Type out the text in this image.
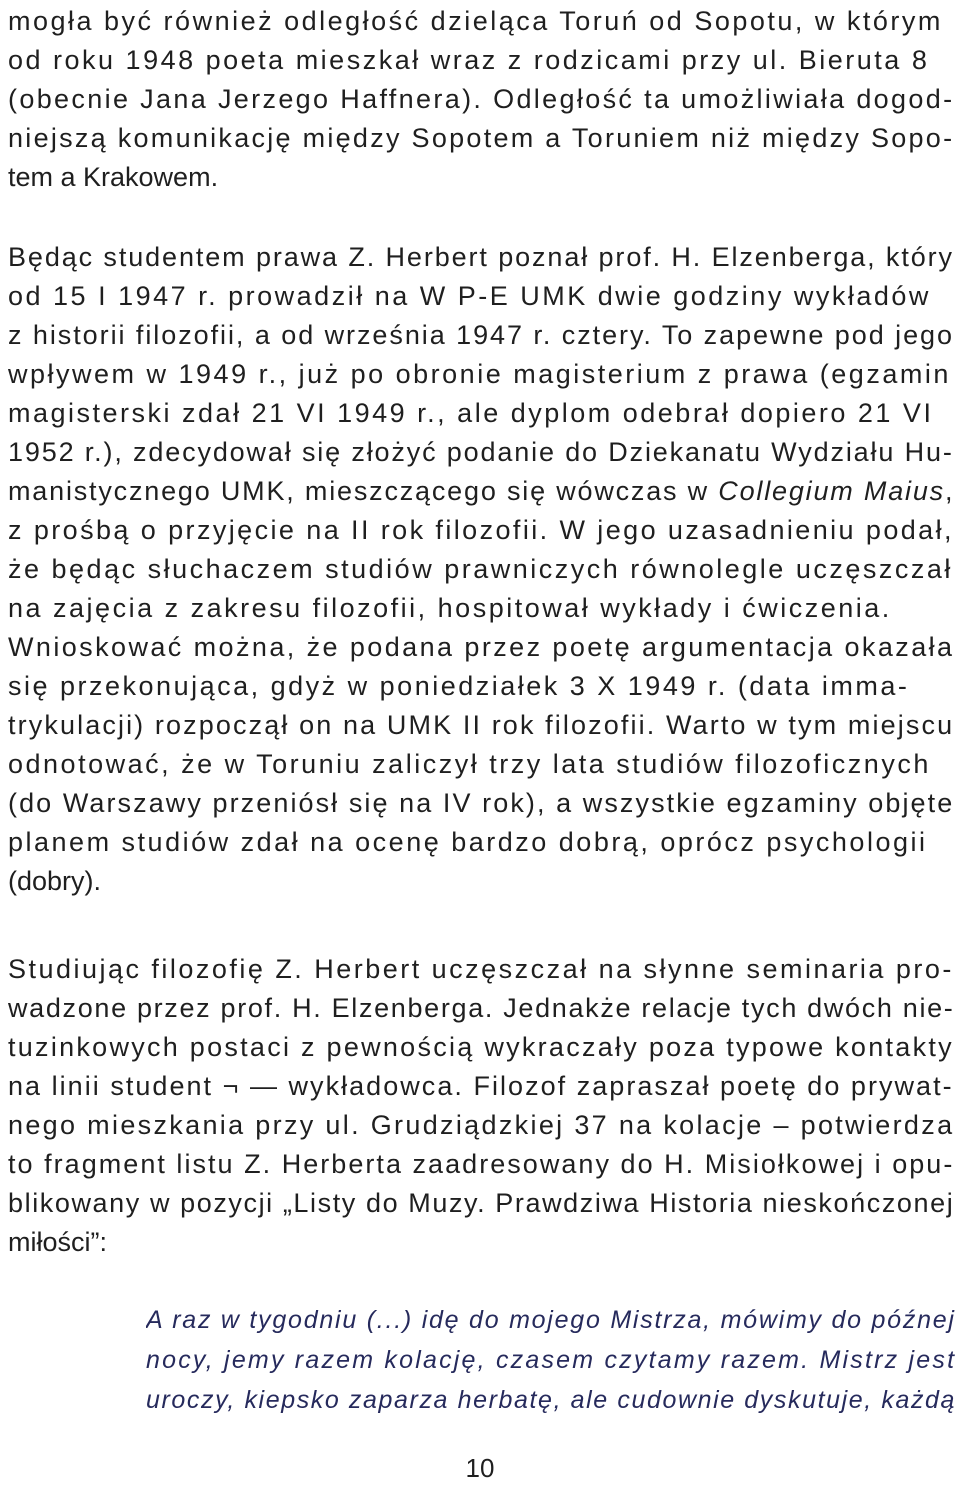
mogła być również odległość dzieląca Toruń od Sopotu, w którym
od roku 1948 poeta mieszkał wraz z rodzicami przy ul. Bieruta 8
(obecnie Jana Jerzego Haffnera). Odległość ta umożliwiała dogod-
niejszą komunikację między Sopotem a Toruniem niż między Sopo-
tem a Krakowem.

Będąc studentem prawa Z. Herbert poznał prof. H. Elzenberga, który
od 15 I 1947 r. prowadził na W P-E UMK dwie godziny wykładów
z historii filozofii, a od września 1947 r. cztery. To zapewne pod jego
wpływem w 1949 r., już po obronie magisterium z prawa (egzamin
magisterski zdał 21 VI 1949 r., ale dyplom odebrał dopiero 21 VI
1952 r.), zdecydował się złożyć podanie do Dziekanatu Wydziału Hu-
manistycznego UMK, mieszczącego się wówczas w Collegium Maius,
z prośbą o przyjęcie na II rok filozofii. W jego uzasadnieniu podał,
że będąc słuchaczem studiów prawniczych równolegle uczęszczał
na zajęcia z zakresu filozofii, hospitował wykłady i ćwiczenia.
Wnioskować można, że podana przez poetę argumentacja okazała
się przekonująca, gdyż w poniedziałek 3 X 1949 r. (data imma-
trykulacji) rozpoczął on na UMK II rok filozofii. Warto w tym miejscu
odnotować, że w Toruniu zaliczył trzy lata studiów filozoficznych
(do Warszawy przeniósł się na IV rok), a wszystkie egzaminy objęte
planem studiów zdał na ocenę bardzo dobrą, oprócz psychologii
(dobry).

Studiując filozofię Z. Herbert uczęszczał na słynne seminaria pro-
wadzone przez prof. H. Elzenberga. Jednakże relacje tych dwóch nie-
tuzinkowych postaci z pewnością wykraczały poza typowe kontakty
na linii student ¬ — wykładowca. Filozof zapraszał poetę do prywat-
nego mieszkania przy ul. Grudziądzkiej 37 na kolacje – potwierdza
to fragment listu Z. Herberta zaadresowany do H. Misiołkowej i opu-
blikowany w pozycji „Listy do Muzy. Prawdziwa Historia nieskończonej
miłości”:

A raz w tygodniu (...) idę do mojego Mistrza, mówimy do późnej
nocy, jemy razem kolację, czasem czytamy razem. Mistrz jest
uroczy, kiepsko zaparza herbatę, ale cudownie dyskutuje, każdą
10
